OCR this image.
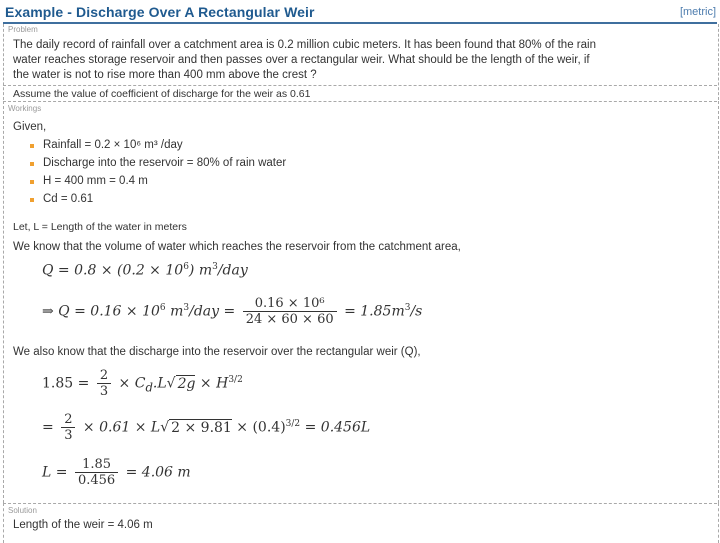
Example - Discharge Over A Rectangular Weir	[metric]
Problem
The daily record of rainfall over a catchment area is 0.2 million cubic meters. It has been found that 80% of the rain
water reaches storage reservoir and then passes over a rectangular weir. What should be the length of the weir, if
the water is not to rise more than 400 mm above the crest ?
Assume the value of coefficient of discharge for the weir as 0.61
Workings
Given,
Rainfall = 0.2 × 10⁶ m³ /day
Discharge into the reservoir = 80% of rain water
H = 400 mm = 0.4 m
Cd = 0.61
Let, L = Length of the water in meters
We know that the volume of water which reaches the reservoir from the catchment area,
$Q = 0.8 \times (0.2 \times 10^6)$ $m^3$/day
⇒ $Q = 0.16 \times 10^6$ $m^3$/day = $\frac{\text{0.16 × 10⁶}}{24 \times 60 \times 60} = 1.85m^3/s$
We also know that the discharge into the reservoir over the rectangular weir (Q),
$1.85 = \frac{2}{3} \times C_d.L√$ $2g \times H^{3/2}$
= $\frac{2}{3} \times 0.61 \times L√$ $2 \times 9.81 \times (0.4)^{3/2} = 0.456L$
$L = \frac{1.85}{0.456} = 4.06$ m
Solution
Length of the weir = 4.06 m
